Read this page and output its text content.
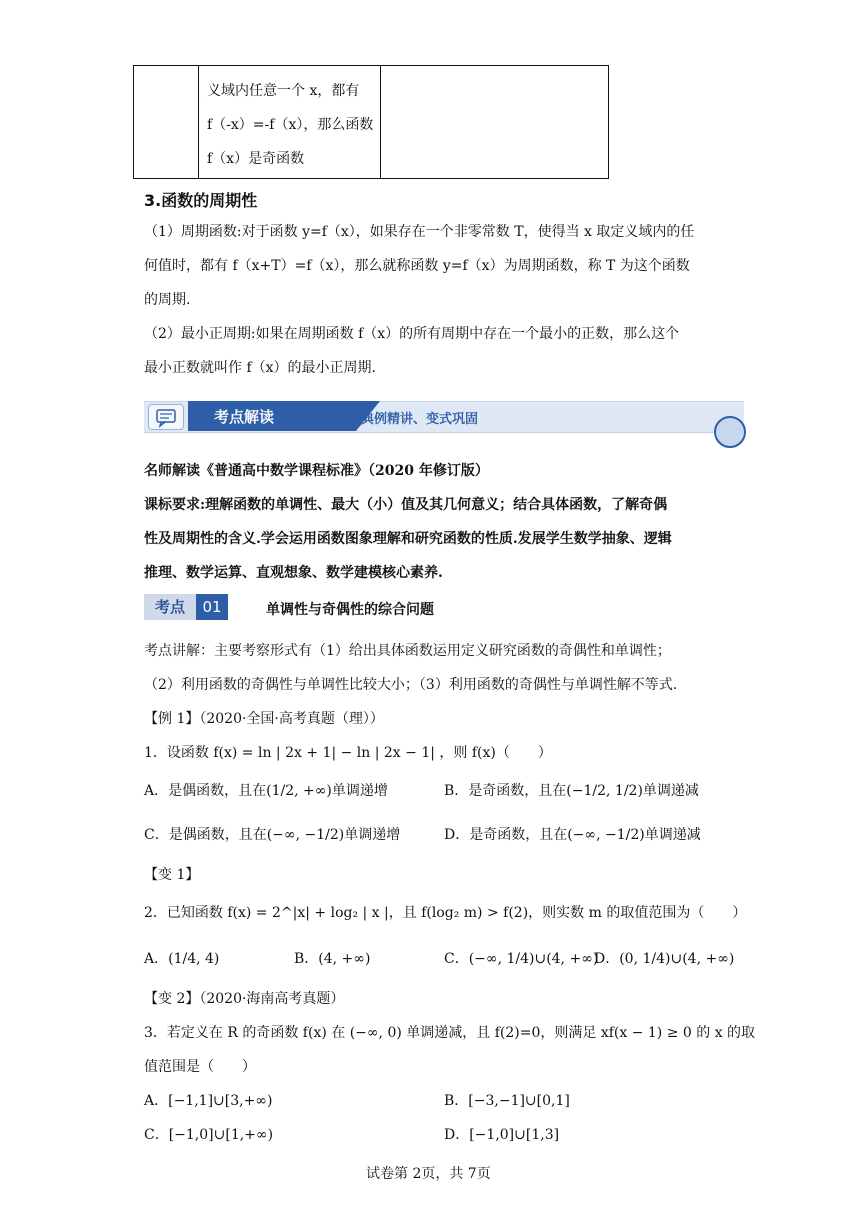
义域内任意一个 x，都有
f（-x）=-f（x），那么函数
f（x）是奇函数
3.函数的周期性
（1）周期函数:对于函数 y=f（x），如果存在一个非零常数 T，使得当 x 取定义域内的任
何值时，都有 f（x+T）=f（x），那么就称函数 y=f（x）为周期函数，称 T 为这个函数
的周期.
（2）最小正周期:如果在周期函数 f（x）的所有周期中存在一个最小的正数，那么这个
最小正数就叫作 f（x）的最小正周期.
考点解读 考向分析、典例精讲、变式巩固
名师解读《普通高中数学课程标准》（2020 年修订版）
课标要求:理解函数的单调性、最大（小）值及其几何意义；结合具体函数，了解奇偶
性及周期性的含义.学会运用函数图象理解和研究函数的性质.发展学生数学抽象、逻辑
推理、数学运算、直观想象、数学建模核心素养.
考点	01	单调性与奇偶性的综合问题
考点讲解：主要考察形式有（1）给出具体函数运用定义研究函数的奇偶性和单调性；
（2）利用函数的奇偶性与单调性比较大小；（3）利用函数的奇偶性与单调性解不等式.
【例 1】（2020·全国·高考真题（理））
1．设函数 f(x) = ln | 2x + 1| − ln | 2x − 1| ，则 f(x)（　　）
A．是偶函数，且在(1/2, +∞)单调递增	B．是奇函数，且在(−1/2, 1/2)单调递减
C．是偶函数，且在(−∞, −1/2)单调递增	D．是奇函数，且在(−∞, −1/2)单调递减
【变 1】
2．已知函数 f(x) = 2^|x| + log₂ | x |，且 f(log₂ m) > f(2)，则实数 m 的取值范围为（　　）
A．(1/4, 4)	B．(4, +∞)	C．(−∞, 1/4)∪(4, +∞)
D．(0, 1/4)∪(4, +∞)
【变 2】（2020·海南高考真题）
3．若定义在 R 的奇函数 f(x) 在 (−∞, 0) 单调递减，且 f(2)=0，则满足 xf(x − 1) ≥ 0 的 x 的取
值范围是（　　）
A．[−1,1]∪[3,+∞)	B．[−3,−1]∪[0,1]
C．[−1,0]∪[1,+∞)	D．[−1,0]∪[1,3]
试卷第 2页，共 7页
